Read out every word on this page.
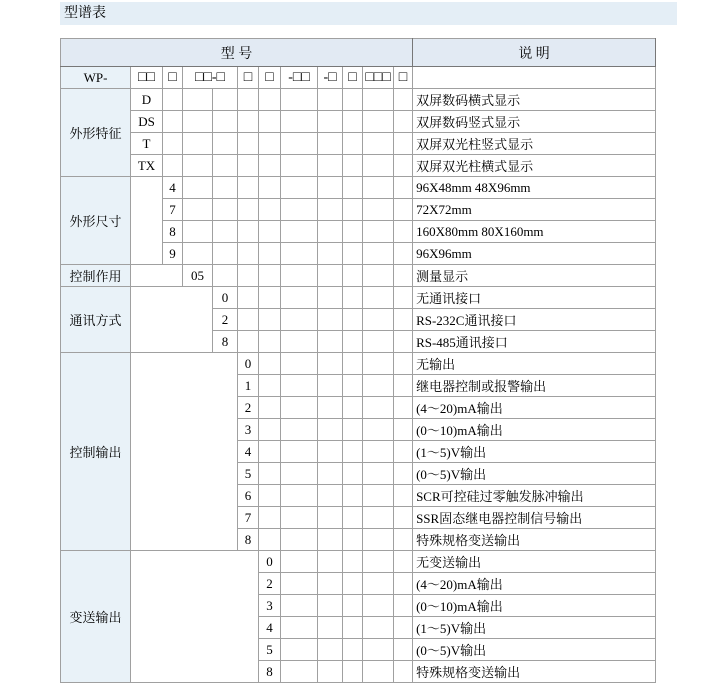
型谱表
型 号												说 明
WP-	□□	□	□□-□		□	□	-□□	-□	□	□□□	□	
外形特征	D											双屏数码横式显示
	DS											双屏数码竖式显示
	T											双屏双光柱竖式显示
	TX											双屏双光柱横式显示
外形尺寸		4										96X48mm 48X96mm
		7										72X72mm
		8										160X80mm 80X160mm
		9										96X96mm
控制作用			05									测量显示
通讯方式				0								无通讯接口
				2								RS-232C通讯接口
				8								RS-485通讯接口
控制输出					0							无输出
					1							继电器控制或报警输出
					2							(4～20)mA输出
					3							(0～10)mA输出
					4							(1～5)V输出
					5							(0～5)V输出
					6							SCR可控硅过零触发脉冲输出
					7							SSR固态继电器控制信号输出
					8							特殊规格变送输出
变送输出						0						无变送输出
						2						(4～20)mA输出
						3						(0～10)mA输出
						4						(1～5)V输出
						5						(0～5)V输出
						8						特殊规格变送输出
